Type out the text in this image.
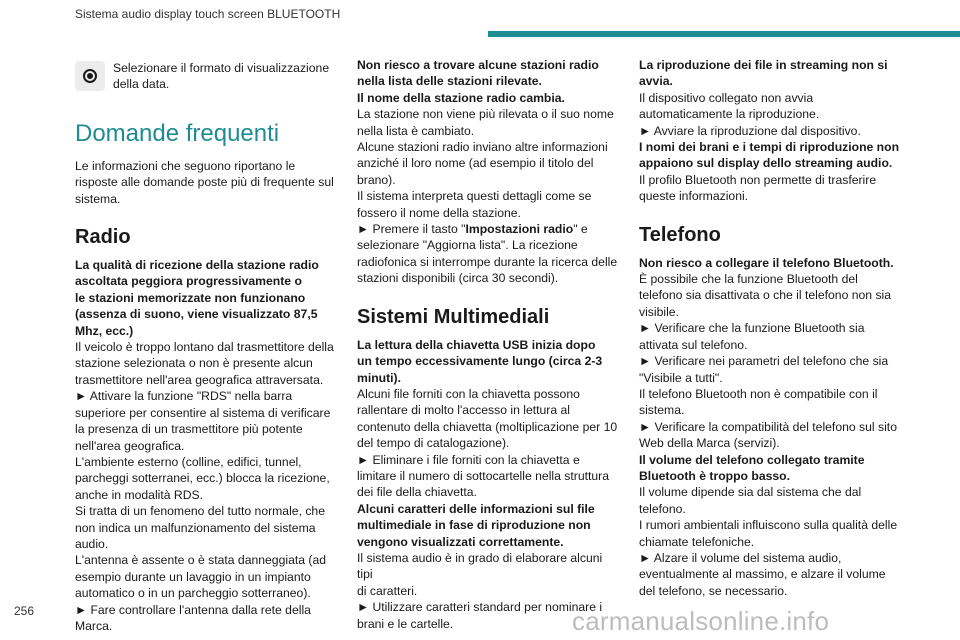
Sistema audio display touch screen BLUETOOTH

Selezionare il formato di visualizzazione della data.

Domande frequenti

Le informazioni che seguono riportano le risposte alle domande poste più di frequente sul sistema.

Radio
La qualità di ricezione della stazione radio
ascoltata peggiora progressivamente o
le stazioni memorizzate non funzionano
(assenza di suono, viene visualizzato 87,5
Mhz, ecc.)
Il veicolo è troppo lontano dal trasmettitore della
stazione selezionata o non è presente alcun
trasmettitore nell'area geografica attraversata.
► Attivare la funzione "RDS" nella barra
superiore per consentire al sistema di verificare
la presenza di un trasmettitore più potente
nell'area geografica.
L'ambiente esterno (colline, edifici, tunnel,
parcheggi sotterranei, ecc.) blocca la ricezione,
anche in modalità RDS.
Si tratta di un fenomeno del tutto normale, che
non indica un malfunzionamento del sistema
audio.
L'antenna è assente o è stata danneggiata (ad
esempio durante un lavaggio in un impianto
automatico o in un parcheggio sotterraneo).
► Fare controllare l'antenna dalla rete della
Marca.
Non riesco a trovare alcune stazioni radio
nella lista delle stazioni rilevate.

Il nome della stazione radio cambia.

La stazione non viene più rilevata o il suo nome
nella lista è cambiato.
Alcune stazioni radio inviano altre informazioni
anziché il loro nome (ad esempio il titolo del
brano).
Il sistema interpreta questi dettagli come se
fossero il nome della stazione.

► Premere il tasto "Impostazioni radio" e

selezionare "Aggiorna lista". La ricezione
radiofonica si interrompe durante la ricerca delle
stazioni disponibili (circa 30 secondi).
Sistemi Multimediali
La lettura della chiavetta USB inizia dopo
un tempo eccessivamente lungo (circa 2-3
minuti).
Alcuni file forniti con la chiavetta possono
rallentare di molto l'accesso in lettura al
contenuto della chiavetta (moltiplicazione per 10
del tempo di catalogazione).
► Eliminare i file forniti con la chiavetta e
limitare il numero di sottocartelle nella struttura
dei file della chiavetta.
Alcuni caratteri delle informazioni sul file
multimediale in fase di riproduzione non
vengono visualizzati correttamente.
Il sistema audio è in grado di elaborare alcuni tipi
di caratteri.
► Utilizzare caratteri standard per nominare i
brani e le cartelle.
La riproduzione dei file in streaming non si
avvia.
Il dispositivo collegato non avvia
automaticamente la riproduzione.
► Avviare la riproduzione dal dispositivo.
I nomi dei brani e i tempi di riproduzione non
appaiono sul display dello streaming audio.
Il profilo Bluetooth non permette di trasferire
queste informazioni.
Telefono

Non riesco a collegare il telefono Bluetooth.

È possibile che la funzione Bluetooth del
telefono sia disattivata o che il telefono non sia
visibile.
► Verificare che la funzione Bluetooth sia
attivata sul telefono.
► Verificare nei parametri del telefono che sia
"Visibile a tutti".
Il telefono Bluetooth non è compatibile con il
sistema.
► Verificare la compatibilità del telefono sul sito
Web della Marca (servizi).
Il volume del telefono collegato tramite
Bluetooth è troppo basso.
Il volume dipende sia dal sistema che dal
telefono.
I rumori ambientali influiscono sulla qualità delle
chiamate telefoniche.
► Alzare il volume del sistema audio,
eventualmente al massimo, e alzare il volume
del telefono, se necessario.
256	carmanualsonline.info
